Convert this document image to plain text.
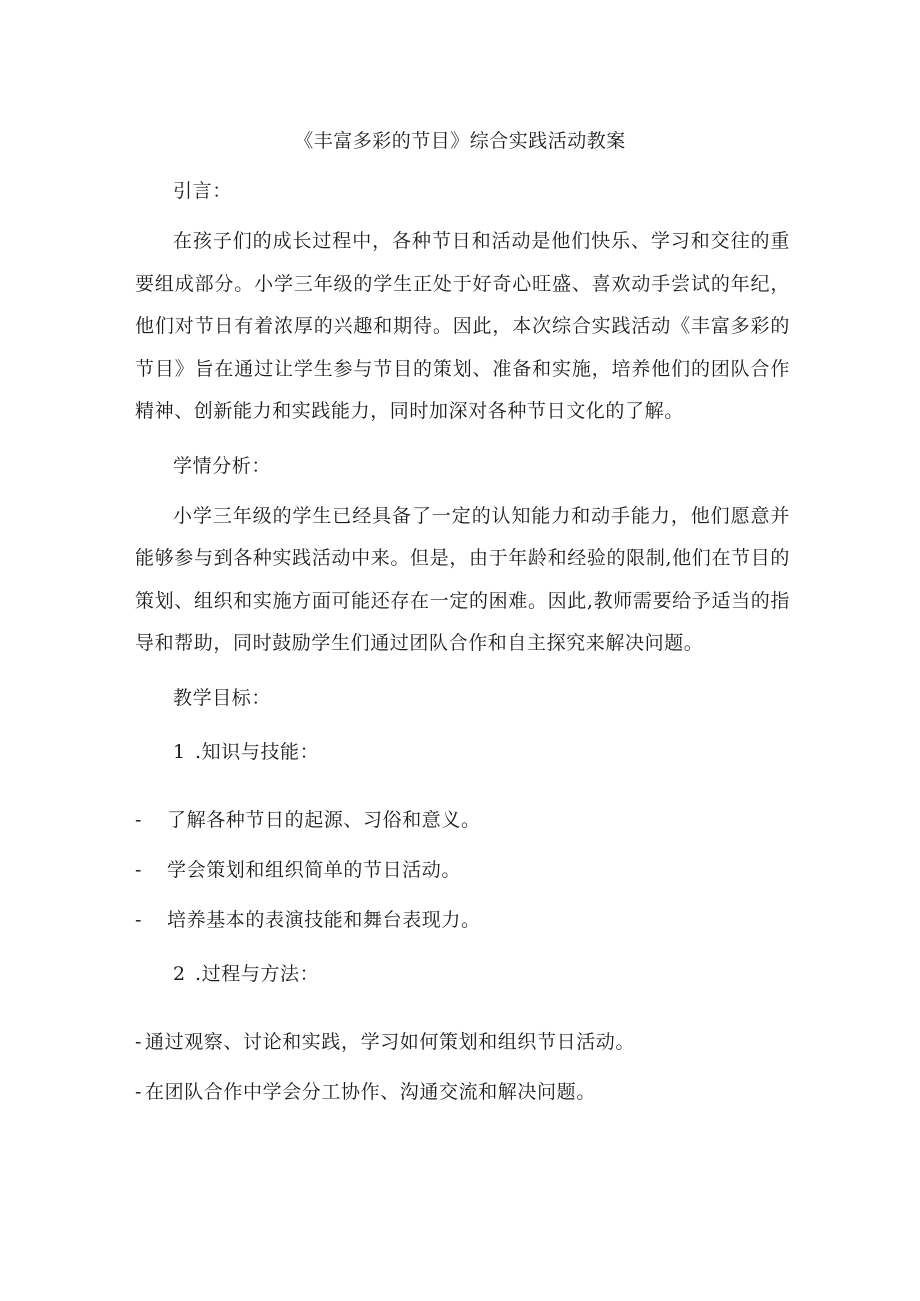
《丰富多彩的节目》综合实践活动教案

引言：

在孩子们的成长过程中，各种节日和活动是他们快乐、学习和交往的重要组成部分。小学三年级的学生正处于好奇心旺盛、喜欢动手尝试的年纪，他们对节日有着浓厚的兴趣和期待。因此，本次综合实践活动《丰富多彩的节目》旨在通过让学生参与节目的策划、准备和实施，培养他们的团队合作精神、创新能力和实践能力，同时加深对各种节日文化的了解。

学情分析：

小学三年级的学生已经具备了一定的认知能力和动手能力，他们愿意并能够参与到各种实践活动中来。但是，由于年龄和经验的限制,他们在节目的策划、组织和实施方面可能还存在一定的困难。因此,教师需要给予适当的指导和帮助，同时鼓励学生们通过团队合作和自主探究来解决问题。

教学目标：

1 .知识与技能：

- 了解各种节日的起源、习俗和意义。

- 学会策划和组织简单的节日活动。

- 培养基本的表演技能和舞台表现力。

2 .过程与方法：

- 通过观察、讨论和实践，学习如何策划和组织节日活动。

- 在团队合作中学会分工协作、沟通交流和解决问题。
